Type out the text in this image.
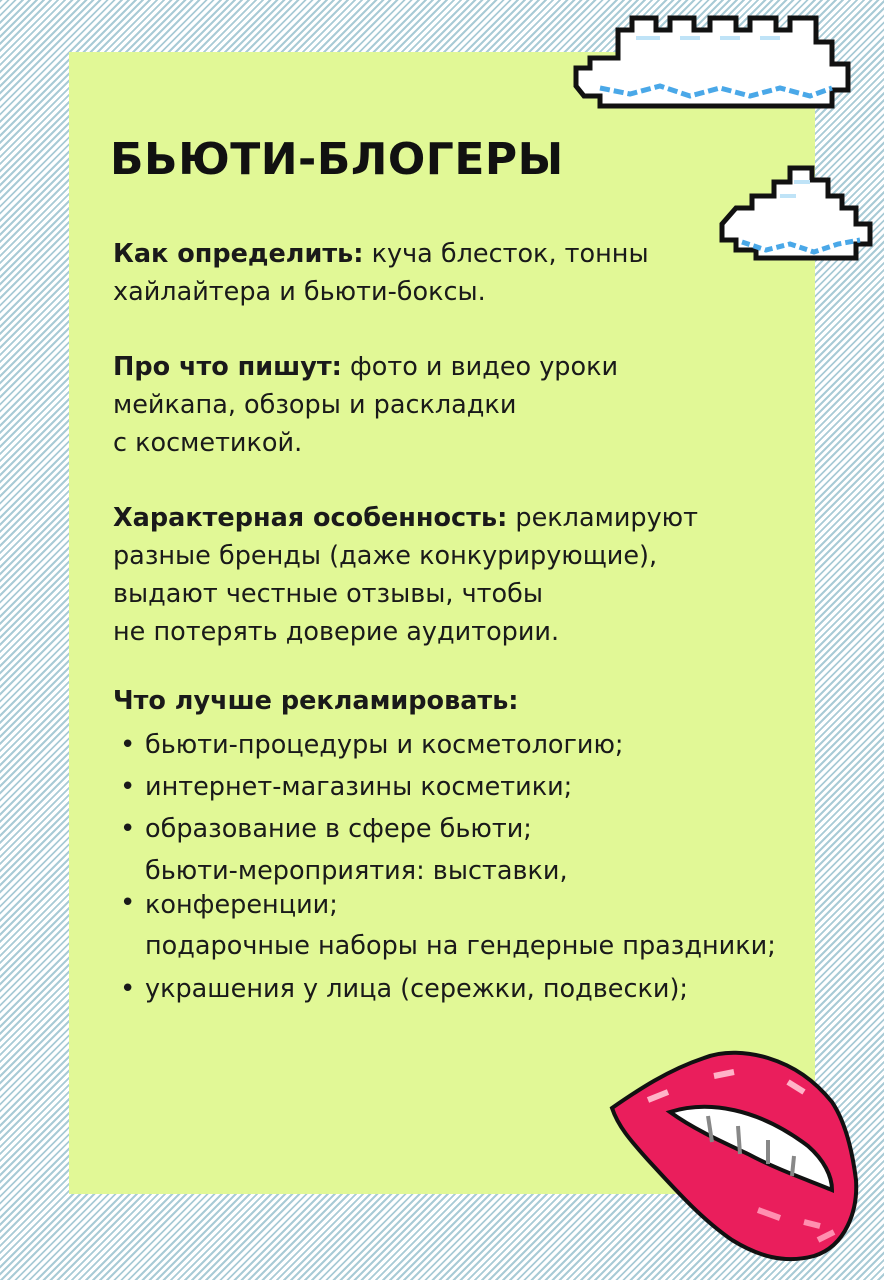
БЬЮТИ-БЛОГЕРЫ

Как определить: куча блесток, тонны
хайлайтера и бьюти-боксы.

Про что пишут: фото и видео уроки
мейкапа, обзоры и раскладки
с косметикой.

Характерная особенность: рекламируют
разные бренды (даже конкурирующие),
выдают честные отзывы, чтобы
не потерять доверие аудитории.

Что лучше рекламировать:

• бьюти-процедуры и косметологию;
• интернет-магазины косметики;
• образование в сфере бьюти;
•
бьюти-мероприятия: выставки,
конференции;
подарочные наборы на гендерные праздники;
• украшения у лица (сережки, подвески);
